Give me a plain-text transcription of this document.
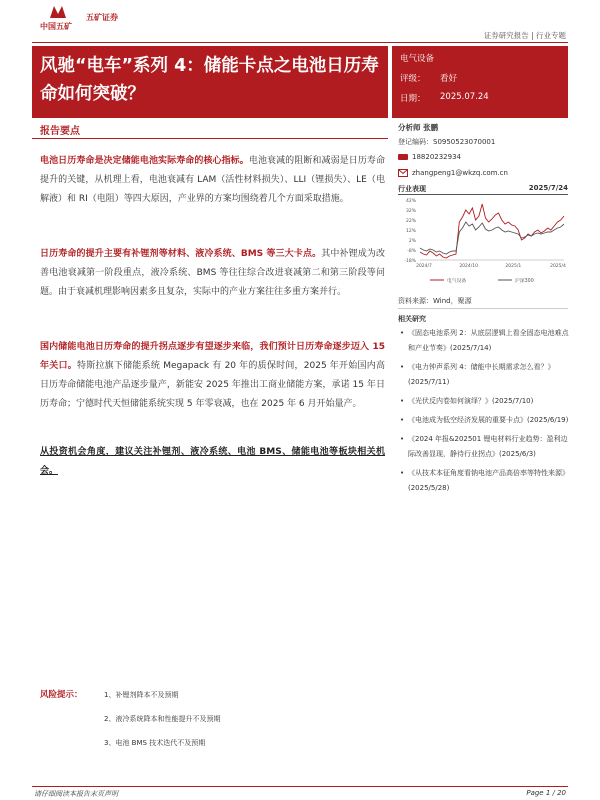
中国五矿
五矿证券
证券研究报告 | 行业专题
风驰“电车”系列 4：储能卡点之电池日历寿命如何突破？
电气设备
评级： 看好
日期： 2025.07.24
报告要点
电池日历寿命是决定储能电池实际寿命的核心指标。电池衰减的阻断和减弱是日历寿命提升的关键，从机理上看，电池衰减有 LAM（活性材料损失）、LLI（锂损失）、LE（电解液）和 RI（电阻）等四大原因，产业界的方案均围绕着几个方面采取措施。
日历寿命的提升主要有补锂剂等材料、液冷系统、BMS 等三大卡点。其中补锂成为改善电池衰减第一阶段重点，液冷系统、BMS 等往往综合改进衰减第二和第三阶段等问题。由于衰减机理影响因素多且复杂，实际中的产业方案往往多重方案并行。
国内储能电池日历寿命的提升拐点逐步有望逐步来临，我们预计日历寿命逐步迈入 15 年关口。特斯拉旗下储能系统 Megapack 有 20 年的质保时间，2025 年开始国内高日历寿命储能电池产品逐步量产，新能安 2025 年推出工商业储能方案，承诺 15 年日历寿命；宁德时代天恒储能系统实现 5 年零衰减，也在 2025 年 6 月开始量产。
从投资机会角度，建议关注补锂剂、液冷系统、电池 BMS、储能电池等板块相关机会。
分析师 张鹏
登记编码：S0950523070001
18820232934
zhangpeng1@wkzq.com.cn
行业表现	2025/7/24
42%
32%
22%
12%
2%
-8%
-18%
2024/7	2024/10	2025/1	2025/4
电气设备	沪深300
资料来源：Wind，聚源
相关研究
• 《固态电池系列 2：从底层逻辑上看全固态电池难点和产业节奏》(2025/7/14)
• 《电力钟声系列 4：储能中长期需求怎么看？》(2025/7/11)
• 《光伏反内卷如何演绎？》(2025/7/10)
• 《电池成为低空经济发展的重要卡点》(2025/6/19)
• 《2024 年报&202501 锂电材料行业趋势：盈利边际改善显现，静待行业拐点》(2025/6/3)
• 《从技术本征角度看钠电池产品高倍率等特性来源》(2025/5/28)
风险提示：	1、补锂剂降本不及预期
2、液冷系统降本和性能提升不及预期
3、电池 BMS 技术迭代不及预期
请仔细阅读本报告末页声明	Page 1 / 20
